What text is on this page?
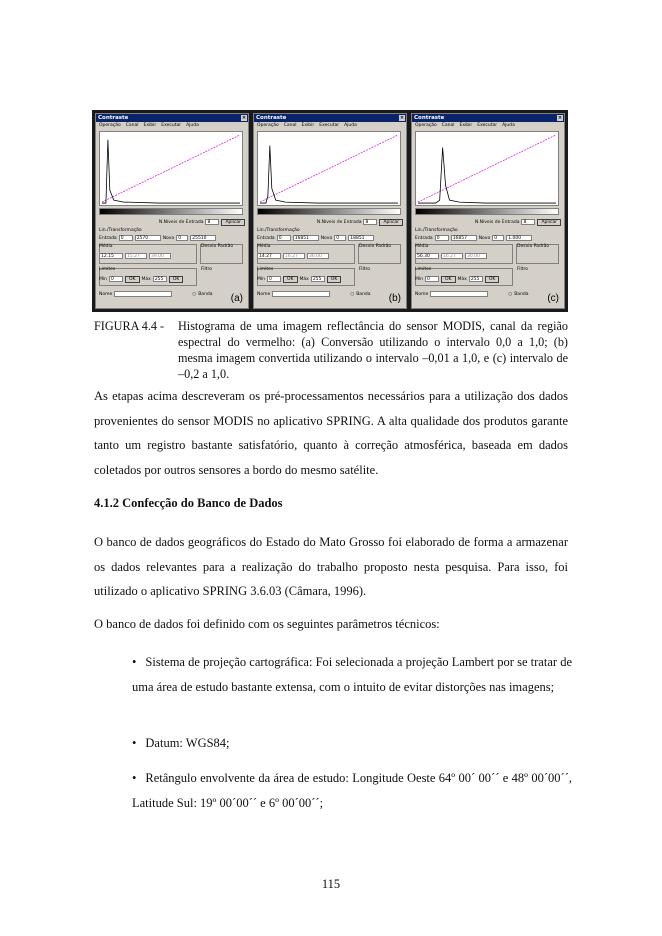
Contraste	×
Operação Canal Exibir Executar Ajuda
N.Níveis de Entrada 8	Aplicar
Lin./Transformação
Entrada 0	2570	Novo 0	25510
Média	Desvio Padrão
12.15	15.27	39.00
Limites	Filtro
Mín 0	OK	Máx 255	OK
Nome	○ Banda (a)
Contraste	×
Operação Canal Exibir Executar Ajuda
N.Níveis de Entrada 8	Aplicar
Lin./Transformação
Entrada 0	16851	Novo 0	18851
Média	Desvio Padrão
14.27	16.27	36.00
Limites	Filtro
Mín 0	OK	Máx 255	OK
Nome	○ Banda (b)
Contraste	×
Operação Canal Exibir Executar Ajuda
N.Níveis de Entrada 8	Aplicar
Lin./Transformação
Entrada 0	16857	Novo 0	1.000
Média	Desvio Padrão
56.30	16.27	30.00
Limites	Filtro
Mín 0	OK	Máx 255	OK
Nome	○ Banda (c)
FIGURA 4.4 - Histograma de uma imagem reflectância do sensor MODIS, canal da região espectral do vermelho: (a) Conversão utilizando o intervalo 0,0 a 1,0; (b) mesma imagem convertida utilizando o intervalo –0,01 a 1,0, e (c) intervalo de –0,2 a 1,0.
As etapas acima descreveram os pré-processamentos necessários para a utilização dos dados provenientes do sensor MODIS no aplicativo SPRING. A alta qualidade dos produtos garante tanto um registro bastante satisfatório, quanto à correção atmosférica, baseada em dados coletados por outros sensores a bordo do mesmo satélite.
4.1.2 Confecção do Banco de Dados
O banco de dados geográficos do Estado do Mato Grosso foi elaborado de forma a armazenar os dados relevantes para a realização do trabalho proposto nesta pesquisa. Para isso, foi utilizado o aplicativo SPRING 3.6.03 (Câmara, 1996).
O banco de dados foi definido com os seguintes parâmetros técnicos:
• Sistema de projeção cartográfica: Foi selecionada a projeção Lambert por se tratar de uma área de estudo bastante extensa, com o intuito de evitar distorções nas imagens;
• Datum: WGS84;
• Retângulo envolvente da área de estudo: Longitude Oeste 64º 00´ 00´´ e 48º 00´00´´, Latitude Sul: 19º 00´00´´ e 6º 00´00´´;
115
